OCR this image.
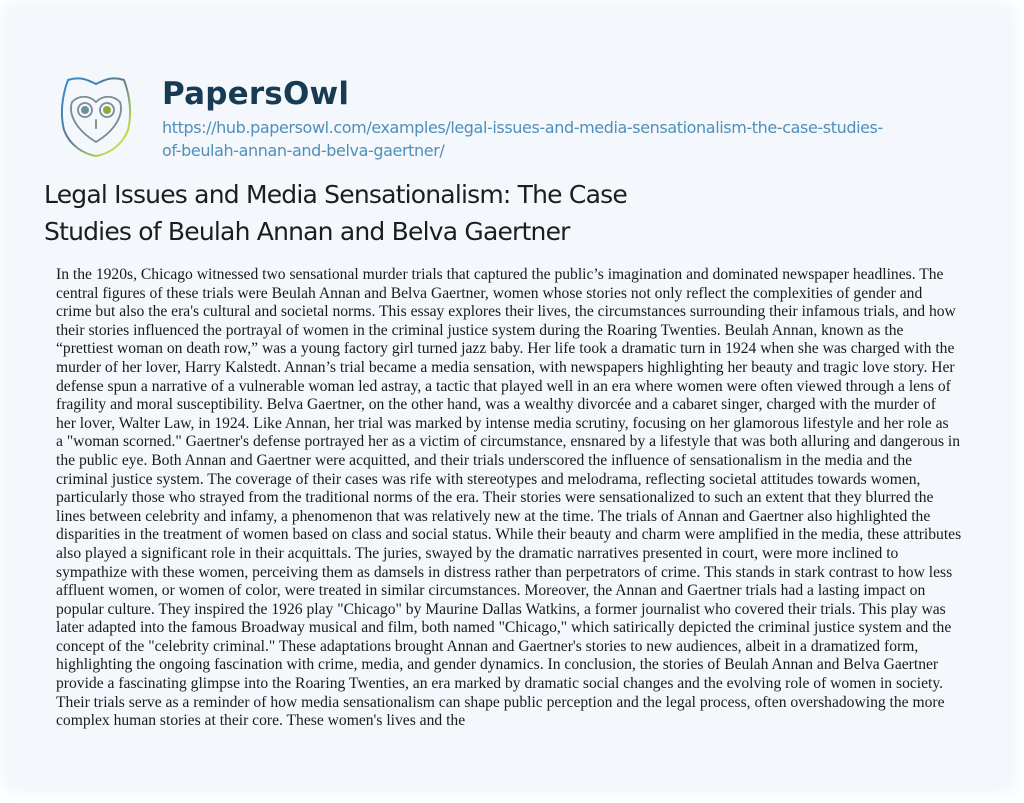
PapersOwl
https://hub.papersowl.com/examples/legal-issues-and-media-sensationalism-the-case-studies-
of-beulah-annan-and-belva-gaertner/
Legal Issues and Media Sensationalism: The Case
Studies of Beulah Annan and Belva Gaertner
In the 1920s, Chicago witnessed two sensational murder trials that captured the public’s imagination and dominated newspaper headlines. The
central figures of these trials were Beulah Annan and Belva Gaertner, women whose stories not only reflect the complexities of gender and
crime but also the era's cultural and societal norms. This essay explores their lives, the circumstances surrounding their infamous trials, and how
their stories influenced the portrayal of women in the criminal justice system during the Roaring Twenties. Beulah Annan, known as the
“prettiest woman on death row,” was a young factory girl turned jazz baby. Her life took a dramatic turn in 1924 when she was charged with the
murder of her lover, Harry Kalstedt. Annan’s trial became a media sensation, with newspapers highlighting her beauty and tragic love story. Her
defense spun a narrative of a vulnerable woman led astray, a tactic that played well in an era where women were often viewed through a lens of
fragility and moral susceptibility. Belva Gaertner, on the other hand, was a wealthy divorcée and a cabaret singer, charged with the murder of
her lover, Walter Law, in 1924. Like Annan, her trial was marked by intense media scrutiny, focusing on her glamorous lifestyle and her role as
a "woman scorned." Gaertner's defense portrayed her as a victim of circumstance, ensnared by a lifestyle that was both alluring and dangerous in
the public eye. Both Annan and Gaertner were acquitted, and their trials underscored the influence of sensationalism in the media and the
criminal justice system. The coverage of their cases was rife with stereotypes and melodrama, reflecting societal attitudes towards women,
particularly those who strayed from the traditional norms of the era. Their stories were sensationalized to such an extent that they blurred the
lines between celebrity and infamy, a phenomenon that was relatively new at the time. The trials of Annan and Gaertner also highlighted the
disparities in the treatment of women based on class and social status. While their beauty and charm were amplified in the media, these attributes
also played a significant role in their acquittals. The juries, swayed by the dramatic narratives presented in court, were more inclined to
sympathize with these women, perceiving them as damsels in distress rather than perpetrators of crime. This stands in stark contrast to how less
affluent women, or women of color, were treated in similar circumstances. Moreover, the Annan and Gaertner trials had a lasting impact on
popular culture. They inspired the 1926 play "Chicago" by Maurine Dallas Watkins, a former journalist who covered their trials. This play was
later adapted into the famous Broadway musical and film, both named "Chicago," which satirically depicted the criminal justice system and the
concept of the "celebrity criminal." These adaptations brought Annan and Gaertner's stories to new audiences, albeit in a dramatized form,
highlighting the ongoing fascination with crime, media, and gender dynamics. In conclusion, the stories of Beulah Annan and Belva Gaertner
provide a fascinating glimpse into the Roaring Twenties, an era marked by dramatic social changes and the evolving role of women in society.
Their trials serve as a reminder of how media sensationalism can shape public perception and the legal process, often overshadowing the more
complex human stories at their core. These women's lives and the
